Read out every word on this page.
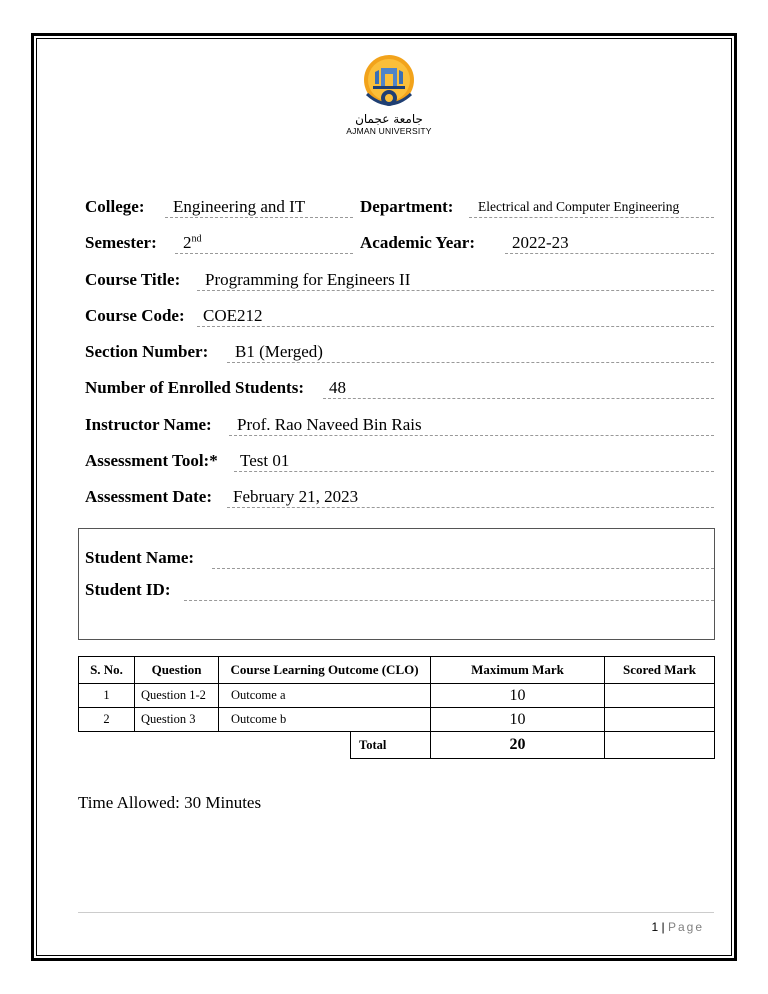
جامعة عجمان
AJMAN UNIVERSITY
College: Engineering and IT	Department: Electrical and Computer Engineering
Semester: 2nd	Academic Year: 2022-23
Course Title: Programming for Engineers II
Course Code: COE212
Section Number: B1 (Merged)
Number of Enrolled Students: 48
Instructor Name: Prof. Rao Naveed Bin Rais
Assessment Tool:* Test 01
Assessment Date: February 21, 2023
Student Name:
Student ID:
S. No.	Question	Course Learning Outcome (CLO)		Maximum Mark	Scored Mark
1	Question 1-2	Outcome a		10	
2	Question 3	Outcome b		10	
			Total	20	
Time Allowed: 30 Minutes
1 | Page
